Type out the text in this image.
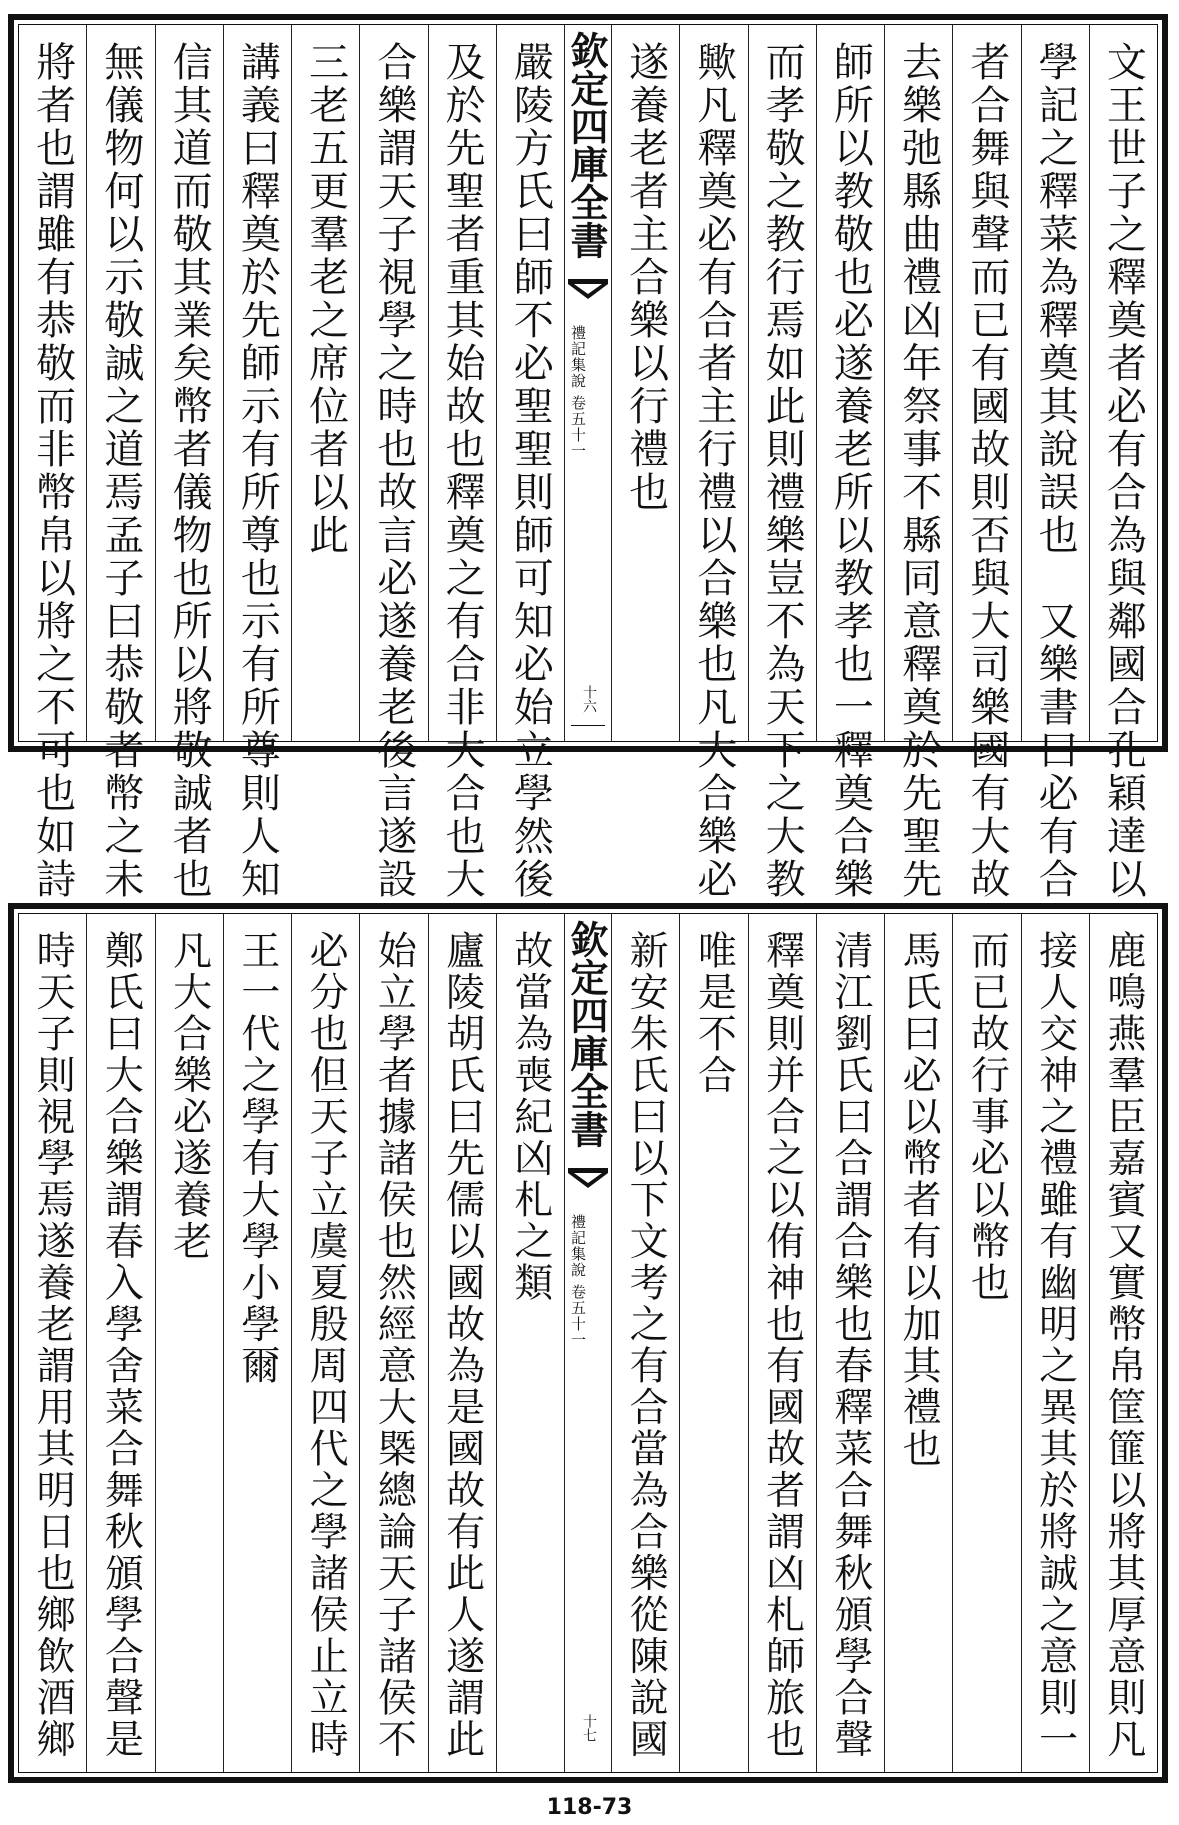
文王世子之釋奠者必有合為與鄰國合孔穎達以
學記之釋菜為釋奠其說誤也　又樂書曰必有合
者合舞與聲而已有國故則否與大司樂國有大故
去樂弛縣曲禮凶年祭事不縣同意釋奠於先聖先
師所以教敬也必遂養老所以教孝也一釋奠合樂
而孝敬之教行焉如此則禮樂豈不為天下之大教
歟凡釋奠必有合者主行禮以合樂也凡大合樂必
遂養老者主合樂以行禮也
欽定四庫全書
禮記集說 卷五十一
十六
嚴陵方氏曰師不必聖聖則師可知必始立學然後
及於先聖者重其始故也釋奠之有合非大合也大
合樂謂天子視學之時也故言必遂養老後言遂設
三老五更羣老之席位者以此
講義曰釋奠於先師示有所尊也示有所尊則人知
信其道而敬其業矣幣者儀物也所以將敬誠者也
無儀物何以示敬誠之道焉孟子曰恭敬者幣之未
將者也謂雖有恭敬而非幣帛以將之不可也如詩
鹿鳴燕羣臣嘉賓又實幣帛筐篚以將其厚意則凡
接人交神之禮雖有幽明之異其於將誠之意則一
而已故行事必以幣也
馬氏曰必以幣者有以加其禮也
清江劉氏曰合謂合樂也春釋菜合舞秋頒學合聲
釋奠則并合之以侑神也有國故者謂凶札師旅也
唯是不合
新安朱氏曰以下文考之有合當為合樂從陳說國
欽定四庫全書
禮記集說 卷五十一
十七
故當為喪紀凶札之類
廬陵胡氏曰先儒以國故為是國故有此人遂謂此
始立學者據諸侯也然經意大槩總論天子諸侯不
必分也但天子立虞夏殷周四代之學諸侯止立時
王一代之學有大學小學爾
凡大合樂必遂養老
鄭氏曰大合樂謂春入學舍菜合舞秋頒學合聲是
時天子則視學焉遂養老謂用其明日也鄉飲酒鄉
118-73
